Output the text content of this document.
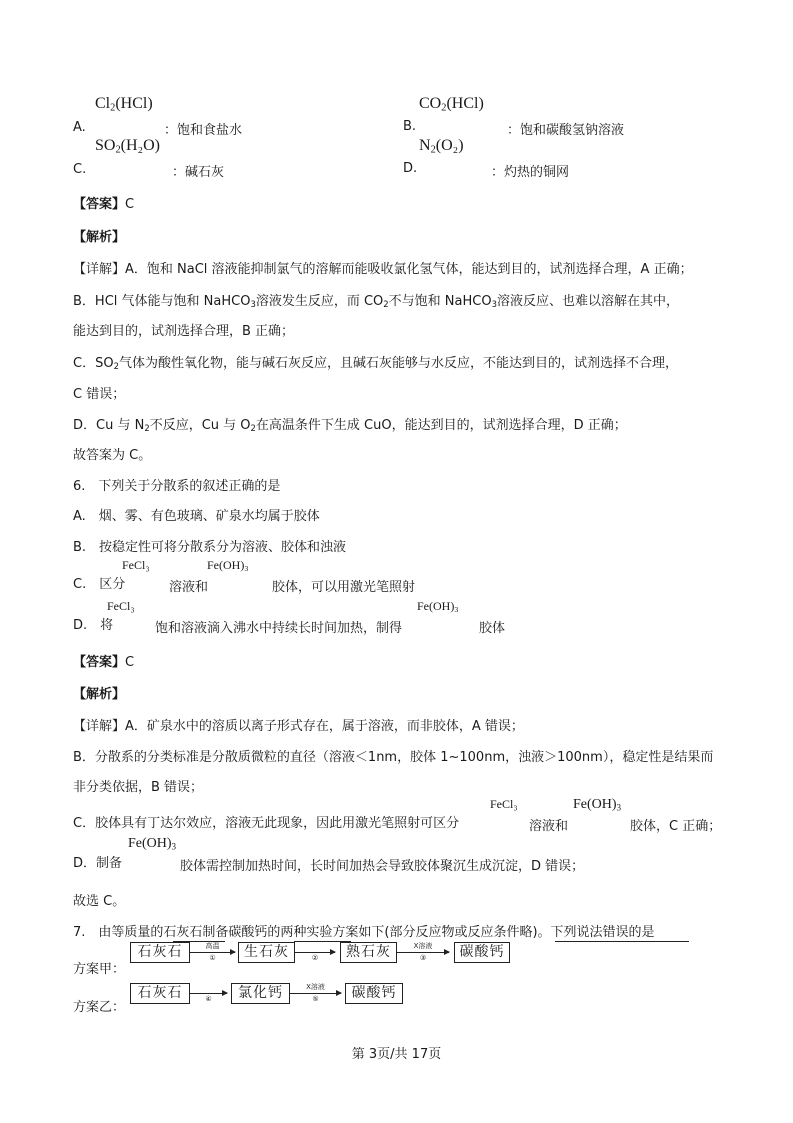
$Cl_2(HCl)$
A.	：饱和食盐水
$CO_2(HCl)$
B.	：饱和碳酸氢钠溶液
$SO_2(H_2O)$
C.	：碱石灰
$N_2(O_2)$
D.	：灼热的铜网
【答案】C
【解析】
【详解】A．饱和 NaCl 溶液能抑制氯气的溶解而能吸收氯化氢气体，能达到目的，试剂选择合理，A 正确；
B．HCl 气体能与饱和 NaHCO$_3$溶液发生反应，而 $CO_2$不与饱和 NaHCO$_3$溶液反应、也难以溶解在其中，
能达到目的，试剂选择合理，B 正确；
C．$SO_2$气体为酸性氧化物，能与碱石灰反应，且碱石灰能够与水反应，不能达到目的，试剂选择不合理，
C 错误；
D．Cu 与 $N_2$不反应，Cu 与 $O_2$在高温条件下生成 CuO，能达到目的，试剂选择合理，D 正确；
故答案为 C。
6.　下列关于分散系的叙述正确的是
A.　烟、雾、有色玻璃、矿泉水均属于胶体
B.　按稳定性可将分散系分为溶液、胶体和浊液
FeCl₃	$Fe(OH)_3$
C.　区分	溶液和	胶体，可以用激光笔照射
FeCl₃	$Fe(OH)_3$
D.　将	饱和溶液滴入沸水中持续长时间加热，制得	胶体
【答案】C
【解析】
【详解】A．矿泉水中的溶质以离子形式存在，属于溶液，而非胶体，A 错误；
B．分散系的分类标准是分散质微粒的直径（溶液＜1nm，胶体 1~100nm，浊液＞100nm），稳定性是结果而
非分类依据，B 错误；
FeCl₃	$Fe(OH)_3$
C．胶体具有丁达尔效应，溶液无此现象，因此用激光笔照射可区分	溶液和	胶体，C 正确；
$Fe(OH)_3$
D．制备	胶体需控制加热时间，长时间加热会导致胶体聚沉生成沉淀，D 错误；
故选 C。
7.　由等质量的石灰石制备碳酸钙的两种实验方案如下(部分反应物或反应条件略)。下列说法错误的是
方案甲：
方案乙：
石灰石	高温
①	生石灰	②	熟石灰	X溶液
③	碳酸钙
石灰石	④	氯化钙	X溶液
⑤	碳酸钙
第 3页/共 17页
